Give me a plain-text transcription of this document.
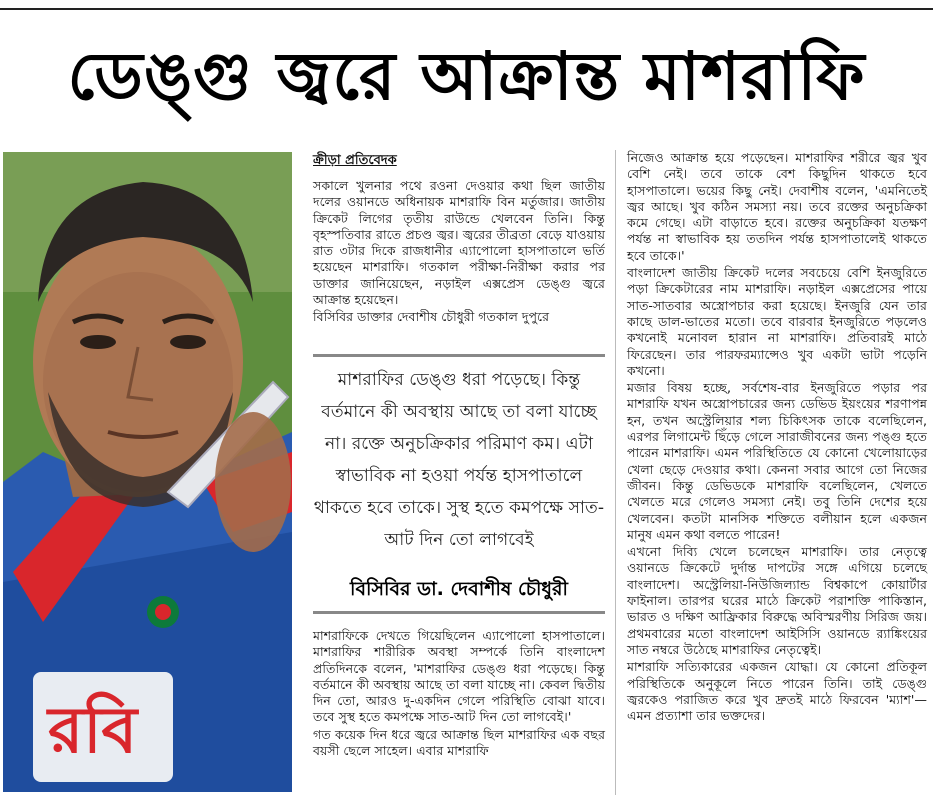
ডেঙ্গু জ্বরে আক্রান্ত মাশরাফি
রবি
ক্রীড়া প্রতিবেদক

সকালে খুলনার পথে রওনা দেওয়ার কথা ছিল জাতীয় দলের ওয়ানডে অধিনায়ক মাশরাফি বিন মর্তুজার। জাতীয় ক্রিকেট লিগের তৃতীয় রাউন্ডে খেলবেন তিনি। কিন্তু বৃহস্পতিবার রাতে প্রচণ্ড জ্বর। জ্বরের তীব্রতা বেড়ে যাওয়ায় রাত ৩টার দিকে রাজধানীর এ্যাপোলো হাসপাতালে ভর্তি হয়েছেন মাশরাফি। গতকাল পরীক্ষা-নিরীক্ষা করার পর ডাক্তার জানিয়েছেন, নড়াইল এক্সপ্রেস ডেঙ্গু জ্বরে আক্রান্ত হয়েছেন।

বিসিবির ডাক্তার দেবাশীষ চৌধুরী গতকাল দুপুরে

মাশরাফির ডেঙ্গু ধরা পড়েছে। কিন্তু বর্তমানে কী অবস্থায় আছে তা বলা যাচ্ছে না। রক্তে অনুচক্রিকার পরিমাণ কম। এটা স্বাভাবিক না হওয়া পর্যন্ত হাসপাতালে থাকতে হবে তাকে। সুস্থ হতে কমপক্ষে সাত-আট দিন তো লাগবেই
বিসিবির ডা. দেবাশীষ চৌধুরী

মাশরাফিকে দেখতে গিয়েছিলেন এ্যাপোলো হাসপাতালে। মাশরাফির শারীরিক অবস্থা সম্পর্কে তিনি বাংলাদেশ প্রতিদিনকে বলেন, 'মাশরাফির ডেঙ্গু ধরা পড়েছে। কিন্তু বর্তমানে কী অবস্থায় আছে তা বলা যাচ্ছে না। কেবল দ্বিতীয় দিন তো, আরও দু-একদিন গেলে পরিস্থিতি বোঝা যাবে। তবে সুস্থ হতে কমপক্ষে সাত-আট দিন তো লাগবেই।'

গত কয়েক দিন ধরে জ্বরে আক্রান্ত ছিল মাশরাফির এক বছর বয়সী ছেলে সাহেল। এবার মাশরাফি

নিজেও আক্রান্ত হয়ে পড়েছেন। মাশরাফির শরীরে জ্বর খুব বেশি নেই। তবে তাকে বেশ কিছুদিন থাকতে হবে হাসপাতালে। ভয়ের কিছু নেই। দেবাশীষ বলেন, 'এমনিতেই জ্বর আছে। খুব কঠিন সমস্যা নয়। তবে রক্তের অনুচক্রিকা কমে গেছে। এটা বাড়াতে হবে। রক্তের অনুচক্রিকা যতক্ষণ পর্যন্ত না স্বাভাবিক হয় ততদিন পর্যন্ত হাসপাতালেই থাকতে হবে তাকে।'

বাংলাদেশ জাতীয় ক্রিকেট দলের সবচেয়ে বেশি ইনজুরিতে পড়া ক্রিকেটারের নাম মাশরাফি। নড়াইল এক্সপ্রেসের পায়ে সাত-সাতবার অস্ত্রোপচার করা হয়েছে। ইনজুরি যেন তার কাছে ডাল-ভাতের মতো। তবে বারবার ইনজুরিতে পড়লেও কখনোই মনোবল হারান না মাশরাফি। প্রতিবারই মাঠে ফিরেছেন। তার পারফরম্যান্সেও খুব একটা ভাটা পড়েনি কখনো।

মজার বিষয় হচ্ছে, সর্বশেষ-বার ইনজুরিতে পড়ার পর মাশরাফি যখন অস্ত্রোপচারের জন্য ডেভিড ইয়ংয়ের শরণাপন্ন হন, তখন অস্ট্রেলিয়ার শল্য চিকিৎসক তাকে বলেছিলেন, এরপর লিগামেন্ট ছিঁড়ে গেলে সারাজীবনের জন্য পঙ্গু হতে পারেন মাশরাফি। এমন পরিস্থিতিতে যে কোনো খেলোয়াড়ের খেলা ছেড়ে দেওয়ার কথা। কেননা সবার আগে তো নিজের জীবন। কিন্তু ডেভিডকে মাশরাফি বলেছিলেন, খেলতে খেলতে মরে গেলেও সমস্যা নেই। তবু তিনি দেশের হয়ে খেলবেন। কতটা মানসিক শক্তিতে বলীয়ান হলে একজন মানুষ এমন কথা বলতে পারেন!

এখনো দিব্যি খেলে চলেছেন মাশরাফি। তার নেতৃত্বে ওয়ানডে ক্রিকেটে দুর্দান্ত দাপটের সঙ্গে এগিয়ে চলেছে বাংলাদেশ। অস্ট্রেলিয়া-নিউজিল্যান্ড বিশ্বকাপে কোয়ার্টার ফাইনাল। তারপর ঘরের মাঠে ক্রিকেট পরাশক্তি পাকিস্তান, ভারত ও দক্ষিণ আফ্রিকার বিরুদ্ধে অবিস্মরণীয় সিরিজ জয়। প্রথমবারের মতো বাংলাদেশ আইসিসি ওয়ানডে র‍্যাঙ্কিংয়ের সাত নম্বরে উঠেছে মাশরাফির নেতৃত্বেই।

মাশরাফি সত্যিকারের একজন যোদ্ধা। যে কোনো প্রতিকূল পরিস্থিতিকে অনুকূলে নিতে পারেন তিনি। তাই ডেঙ্গু জ্বরকেও পরাজিত করে খুব দ্রুতই মাঠে ফিরবেন 'ম্যাশ'— এমন প্রত্যাশা তার ভক্তদের।
